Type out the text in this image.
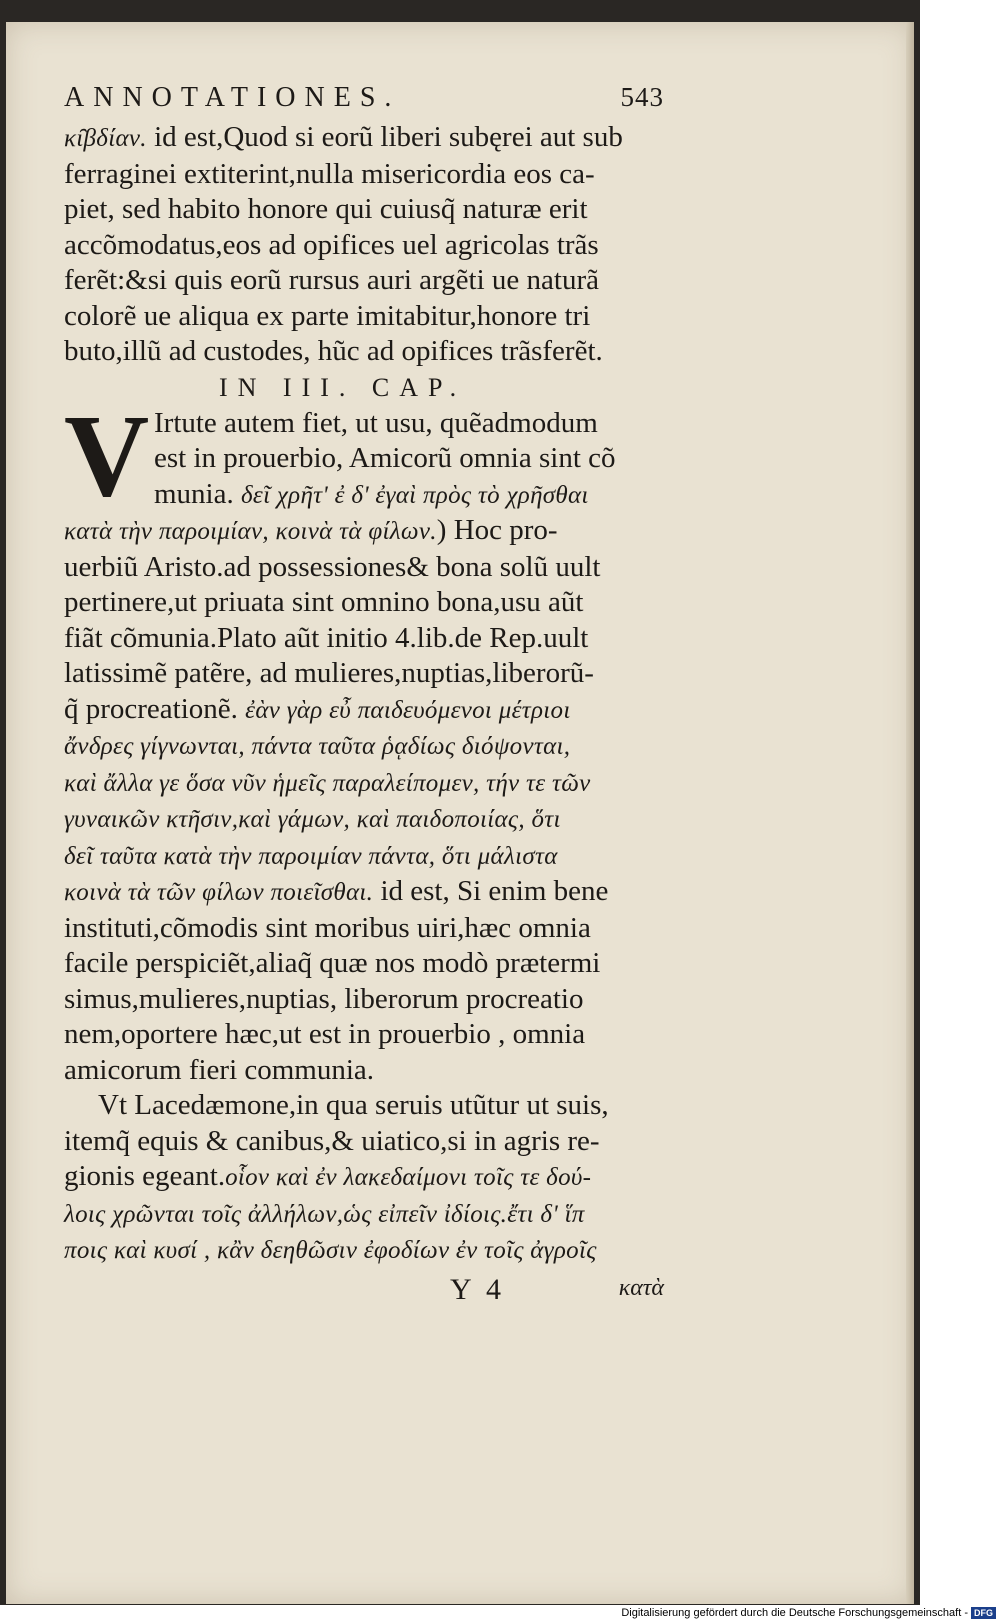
ANNOTATIONES.	543
κι̑βδίαν. id est,Quod si eorũ liberi subęrei aut sub
ferraginei extiterint,nulla misericordia eos ca-
piet, sed habito honore qui cuiusq̃ naturæ erit
accõmodatus,eos ad opifices uel agricolas trãs
ferẽt:&si quis eorũ rursus auri argẽti ue naturã
colorẽ ue aliqua ex parte imitabitur,honore tri
buto,illũ ad custodes, hũc ad opifices trãsferẽt.
IN III. CAP.
V Irtute autem fiet, ut usu, quẽadmodum
est in prouerbio, Amicorũ omnia sint cõ
munia. δεῖ χρῆτ' ἐ δ' ἐγαὶ πρὸς τὸ χρῆσθαι
κατὰ τὴν παροιμίαν, κοινὰ τὰ φίλων.) Hoc pro-
uerbiũ Aristo.ad possessiones& bona solũ uult
pertinere,ut priuata sint omnino bona,usu aũt
fiãt cõmunia.Plato aũt initio 4.lib.de Rep.uult
latissimẽ patẽre, ad mulieres,nuptias,liberorũ-
q̃ procreationẽ. ἐὰν γὰρ εὖ παιδευόμενοι μέτριοι
ἄνδρες γίγνωνται, πάντα ταῦτα ῥᾳδίως διόψονται,
καὶ ἄλλα γε ὅσα νῦν ἡμεῖς παραλείπομεν, τήν τε τῶν
γυναικῶν κτῆσιν,καὶ γάμων, καὶ παιδοποιίας, ὅτι
δεῖ ταῦτα κατὰ τὴν παροιμίαν πάντα, ὅτι μάλιστα
κοινὰ τὰ τῶν φίλων ποιεῖσθαι. id est, Si enim bene
instituti,cõmodis sint moribus uiri,hæc omnia
facile perspiciẽt,aliaq̃ quæ nos modò prætermi
simus,mulieres,nuptias, liberorum procreatio
nem,oportere hæc,ut est in prouerbio , omnia
amicorum fieri communia.
Vt Lacedæmone,in qua seruis utũtur ut suis,
itemq̃ equis & canibus,& uiatico,si in agris re-
gionis egeant.οἷον καὶ ἐν λακεδαίμονι τοῖς τε δού-
λοις χρῶνται τοῖς ἀλλήλων,ὡς εἰπεῖν ἰδίοις.ἔτι δ' ἵπ
ποις καὶ κυσί , κἂν δεηθῶσιν ἐφοδίων ἐν τοῖς ἀγροῖς
Y 4	κατὰ
Digitalisierung gefördert durch die Deutsche Forschungsgemeinschaft - DFG
